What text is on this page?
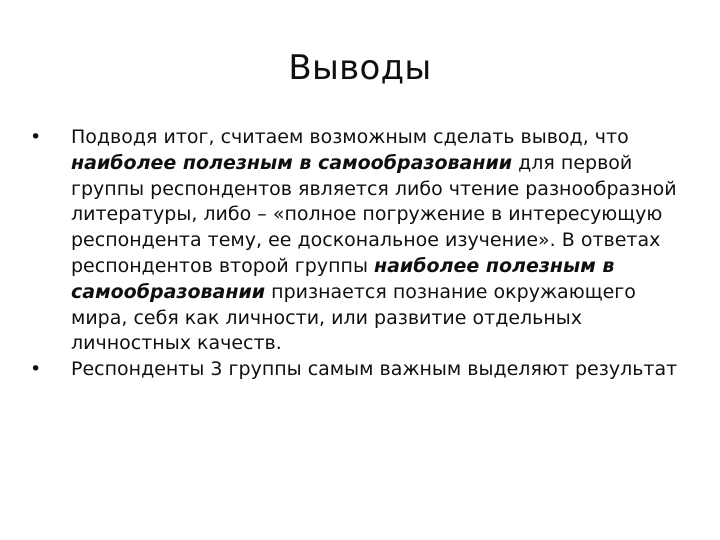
Выводы
•	Подводя итог, считаем возможным сделать вывод, что наиболее полезным в самообразовании для первой группы респондентов является либо чтение разнообразной литературы, либо – «полное погружение в интересующую респондента тему, ее доскональное изучение». В ответах респондентов второй группы наиболее полезным в самообразовании признается познание окружающего мира, себя как личности, или развитие отдельных личностных качеств.
•	Респонденты 3 группы самым важным выделяют результат
